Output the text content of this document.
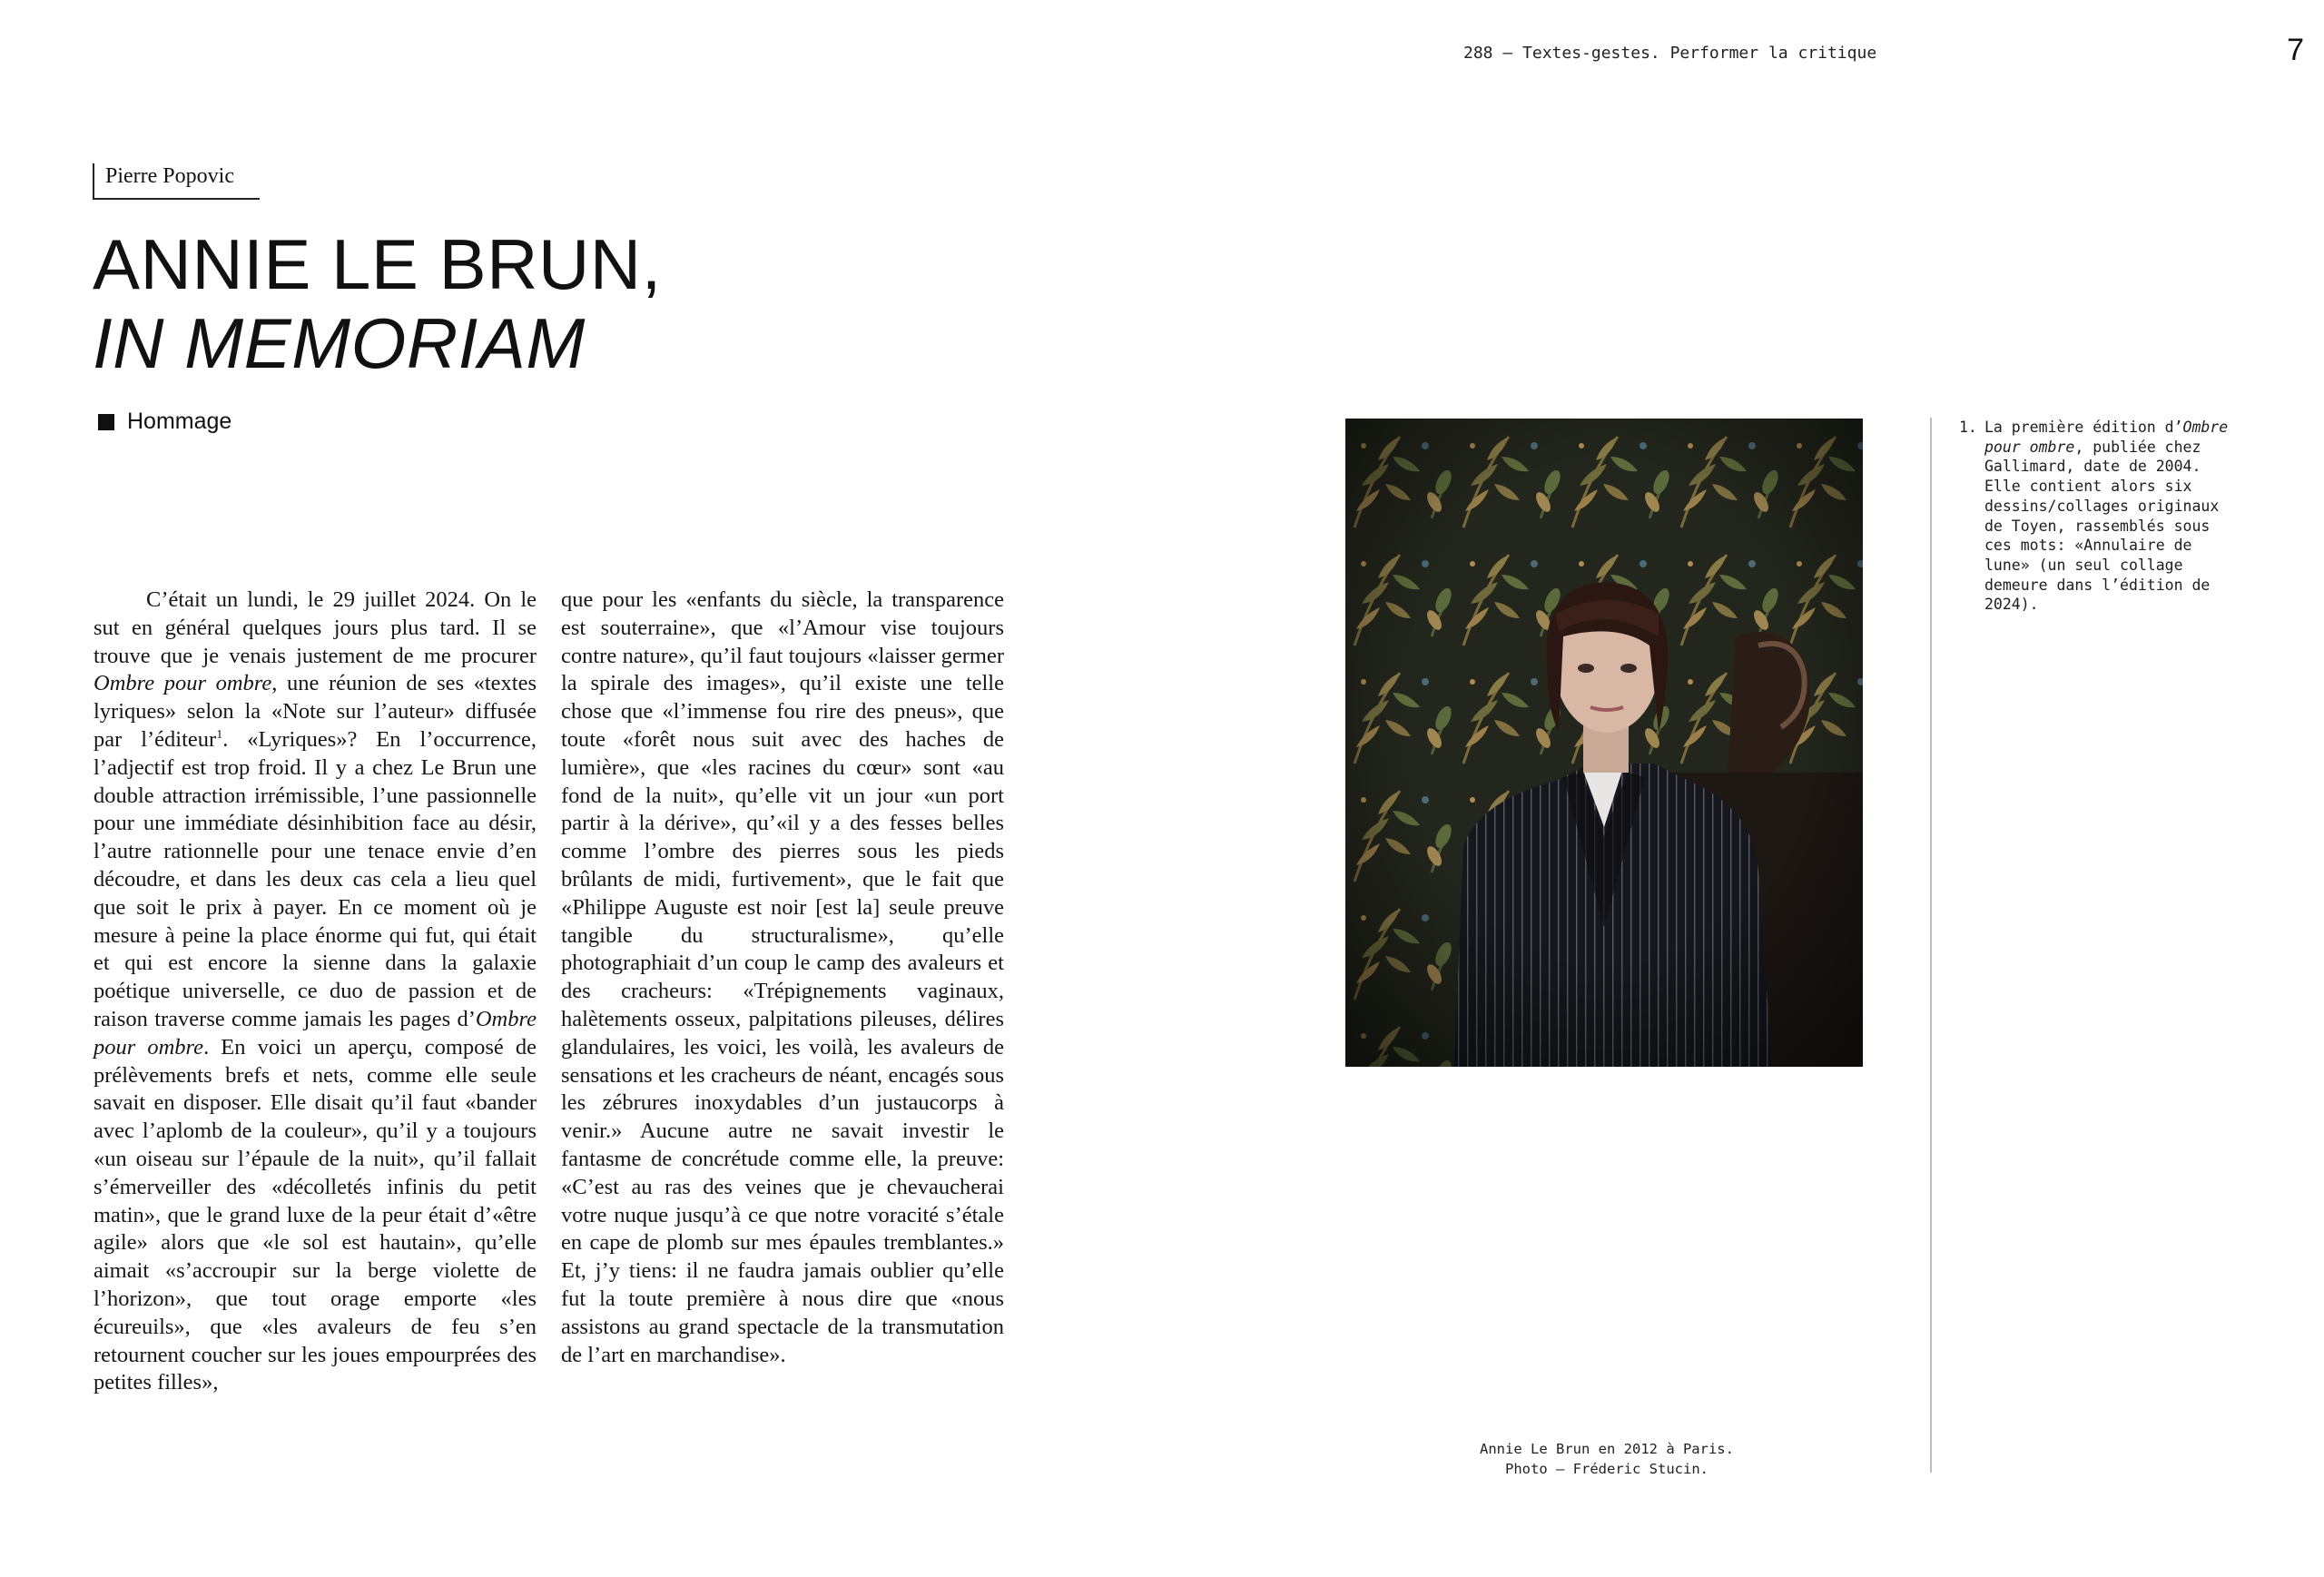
288 — Textes-gestes. Performer la critique	7
Pierre Popovic
ANNIE LE BRUN,
IN MEMORIAM
Hommage
C’était un lundi, le 29 juillet 2024. On le sut en général quelques jours plus tard. Il se trouve que je venais justement de me procurer Ombre pour ombre, une réunion de ses «textes lyriques» selon la «Note sur l’auteur» diffusée par l’éditeur$^1$. «Lyriques»? En l’occurrence, l’adjectif est trop froid. Il y a chez Le Brun une double attraction irrémissible, l’une passionnelle pour une immédiate désinhibition face au désir, l’autre rationnelle pour une tenace envie d’en découdre, et dans les deux cas cela a lieu quel que soit le prix à payer. En ce moment où je mesure à peine la place énorme qui fut, qui était et qui est encore la sienne dans la galaxie poétique universelle, ce duo de passion et de raison traverse comme jamais les pages d’Ombre pour ombre. En voici un aperçu, composé de prélèvements brefs et nets, comme elle seule savait en disposer. Elle disait qu’il faut «bander avec l’aplomb de la couleur», qu’il y a toujours «un oiseau sur l’épaule de la nuit», qu’il fallait s’émerveiller des «décolletés infinis du petit matin», que le grand luxe de la peur était d’«être agile» alors que «le sol est hautain», qu’elle aimait «s’accroupir sur la berge violette de l’horizon», que tout orage emporte «les écureuils», que «les avaleurs de feu s’en retournent coucher sur les joues empourprées des petites filles»,
que pour les «enfants du siècle, la transparence est souterraine», que «l’Amour vise toujours contre nature», qu’il faut toujours «laisser germer la spirale des images», qu’il existe une telle chose que «l’immense fou rire des pneus», que toute «forêt nous suit avec des haches de lumière», que «les racines du cœur» sont «au fond de la nuit», qu’elle vit un jour «un port partir à la dérive», qu’«il y a des fesses belles comme l’ombre des pierres sous les pieds brûlants de midi, furtivement», que le fait que «Philippe Auguste est noir [est la] seule preuve tangible du structuralisme», qu’elle photographiait d’un coup le camp des avaleurs et des cracheurs: «Trépignements vaginaux, halètements osseux, palpitations pileuses, délires glandulaires, les voici, les voilà, les avaleurs de sensations et les cracheurs de néant, encagés sous les zébrures inoxydables d’un justaucorps à venir.» Aucune autre ne savait investir le fantasme de concrétude comme elle, la preuve: «C’est au ras des veines que je chevaucherai votre nuque jusqu’à ce que notre voracité s’étale en cape de plomb sur mes épaules tremblantes.» Et, j’y tiens: il ne faudra jamais oublier qu’elle fut la toute première à nous dire que «nous assistons au grand spectacle de la transmutation de l’art en marchandise».
Annie Le Brun en 2012 à Paris.
Photo — Fréderic Stucin.
1. La première édition d’Ombre pour ombre, publiée chez Gallimard, date de 2004. Elle contient alors six dessins/collages originaux de Toyen, rassemblés sous ces mots: «Annulaire de lune» (un seul collage demeure dans l’édition de 2024).
